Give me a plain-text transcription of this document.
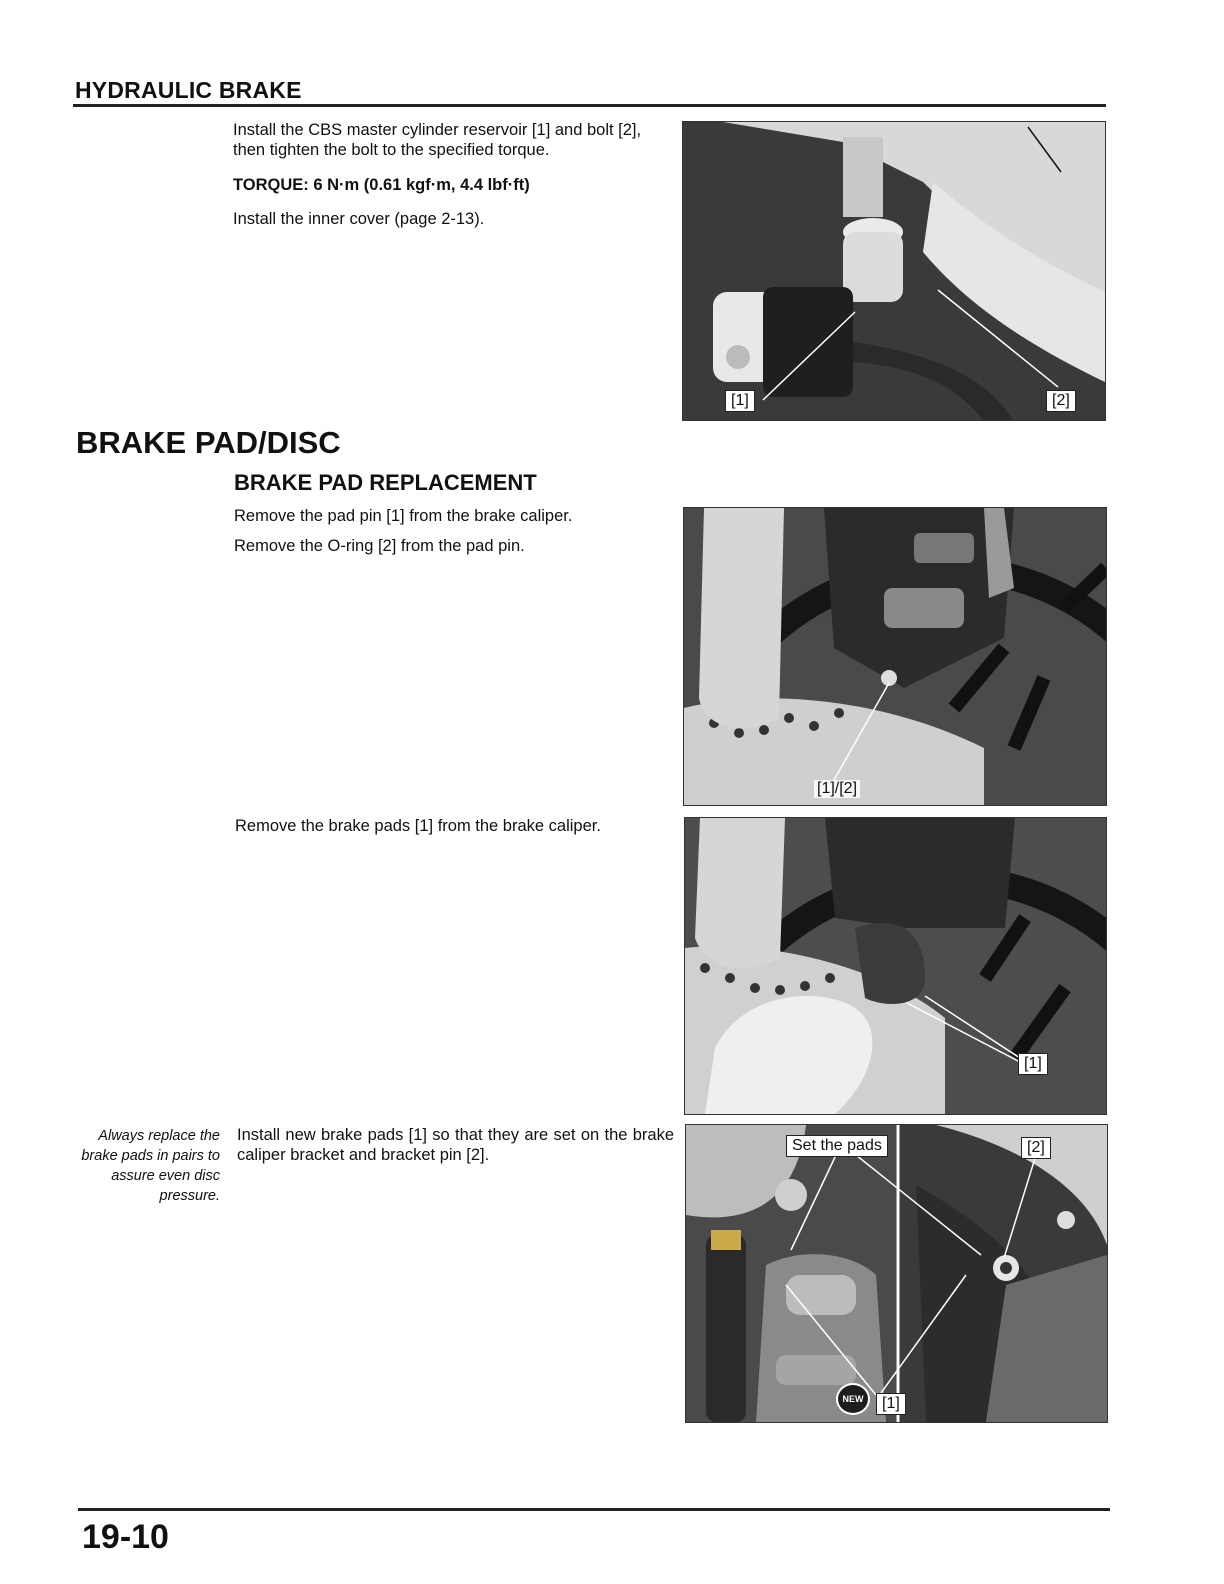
HYDRAULIC BRAKE
Install the CBS master cylinder reservoir [1] and bolt [2], then tighten the bolt to the specified torque.
TORQUE: 6 N·m (0.61 kgf·m, 4.4 lbf·ft)
Install the inner cover (page 2-13).
[1]	[2]
BRAKE PAD/DISC
BRAKE PAD REPLACEMENT
Remove the pad pin [1] from the brake caliper.
Remove the O-ring [2] from the pad pin.
[1]/[2]
Remove the brake pads [1] from the brake caliper.
[1]
Always replace the brake pads in pairs to assure even disc pressure.
Install new brake pads [1] so that they are set on the brake caliper bracket and bracket pin [2].
Set the pads	[2]
NEW	[1]
19-10
